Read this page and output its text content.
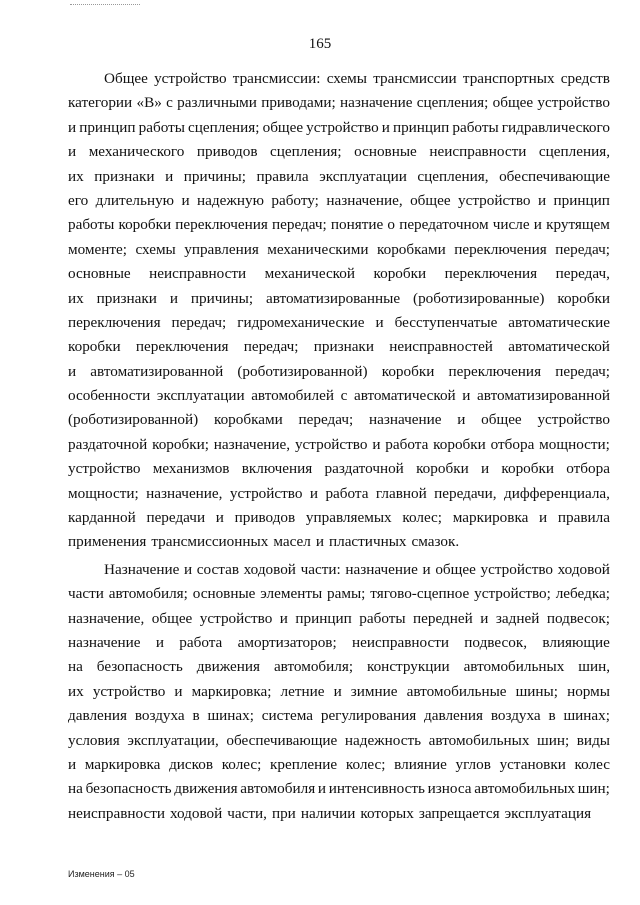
165
Общее устройство трансмиссии: схемы трансмиссии транспортных средств
категории «В» с различными приводами; назначение сцепления; общее устройство
и принцип работы сцепления; общее устройство и принцип работы гидравлического
и механического приводов сцепления; основные неисправности сцепления,
их признаки и причины; правила эксплуатации сцепления, обеспечивающие
его длительную и надежную работу; назначение, общее устройство и принцип
работы коробки переключения передач; понятие о передаточном числе и крутящем
моменте; схемы управления механическими коробками переключения передач;
основные неисправности механической коробки переключения передач,
их признаки и причины; автоматизированные (роботизированные) коробки
переключения передач; гидромеханические и бесступенчатые автоматические
коробки переключения передач; признаки неисправностей автоматической
и автоматизированной (роботизированной) коробки переключения передач;
особенности эксплуатации автомобилей с автоматической и автоматизированной
(роботизированной) коробками передач; назначение и общее устройство
раздаточной коробки; назначение, устройство и работа коробки отбора мощности;
устройство механизмов включения раздаточной коробки и коробки отбора
мощности; назначение, устройство и работа главной передачи, дифференциала,
карданной передачи и приводов управляемых колес; маркировка и правила
применения трансмиссионных масел и пластичных смазок.
Назначение и состав ходовой части: назначение и общее устройство ходовой
части автомобиля; основные элементы рамы; тягово-сцепное устройство; лебедка;
назначение, общее устройство и принцип работы передней и задней подвесок;
назначение и работа амортизаторов; неисправности подвесок, влияющие
на безопасность движения автомобиля; конструкции автомобильных шин,
их устройство и маркировка; летние и зимние автомобильные шины; нормы
давления воздуха в шинах; система регулирования давления воздуха в шинах;
условия эксплуатации, обеспечивающие надежность автомобильных шин; виды
и маркировка дисков колес; крепление колес; влияние углов установки колес
на безопасность движения автомобиля и интенсивность износа автомобильных шин;
неисправности ходовой части, при наличии которых запрещается эксплуатация
Изменения – 05
